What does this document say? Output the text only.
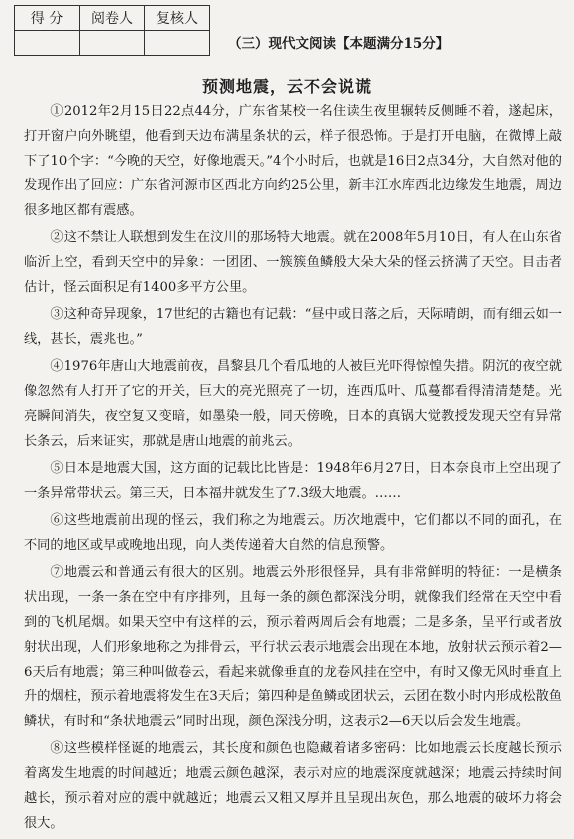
得 分	阅卷人	复核人

（三）现代文阅读【本题满分15分】
预测地震，云不会说谎

①2012年2月15日22点44分，广东省某校一名住读生夜里辗转反侧睡不着，遂起床，打开窗户向外眺望，他看到天边布满星条状的云，样子很恐怖。于是打开电脑，在微博上敲下了10个字：“今晚的天空，好像地震天。”4个小时后，也就是16日2点34分，大自然对他的发现作出了回应：广东省河源市区西北方向约25公里，新丰江水库西北边缘发生地震，周边很多地区都有震感。

②这不禁让人联想到发生在汶川的那场特大地震。就在2008年5月10日，有人在山东省临沂上空，看到天空中的异象：一团团、一簇簇鱼鳞般大朵大朵的怪云挤满了天空。目击者估计，怪云面积足有1400多平方公里。

③这种奇异现象，17世纪的古籍也有记载：“昼中或日落之后，天际晴朗，而有细云如一线，甚长，震兆也。”

④1976年唐山大地震前夜，昌黎县几个看瓜地的人被巨光吓得惊惶失措。阴沉的夜空就像忽然有人打开了它的开关，巨大的亮光照亮了一切，连西瓜叶、瓜蔓都看得清清楚楚。光亮瞬间消失，夜空复又变暗，如墨染一般，同天傍晚，日本的真锅大觉教授发现天空有异常长条云，后来证实，那就是唐山地震的前兆云。

⑤日本是地震大国，这方面的记载比比皆是：1948年6月27日，日本奈良市上空出现了一条异常带状云。第三天，日本福井就发生了7.3级大地震。……

⑥这些地震前出现的怪云，我们称之为地震云。历次地震中，它们都以不同的面孔，在不同的地区或早或晚地出现，向人类传递着大自然的信息预警。

⑦地震云和普通云有很大的区别。地震云外形很怪异，具有非常鲜明的特征：一是横条状出现，一条一条在空中有序排列，且每一条的颜色都深浅分明，就像我们经常在天空中看到的飞机尾烟。如果天空中有这样的云，预示着两周后会有地震；二是多条，呈平行或者放射状出现，人们形象地称之为排骨云，平行状云表示地震会出现在本地，放射状云预示着2—6天后有地震；第三种叫做卷云，看起来就像垂直的龙卷风挂在空中，有时又像无风时垂直上升的烟柱，预示着地震将发生在3天后；第四种是鱼鳞或团状云，云团在数小时内形成松散鱼鳞状，有时和“条状地震云”同时出现，颜色深浅分明，这表示2—6天以后会发生地震。

⑧这些模样怪诞的地震云，其长度和颜色也隐藏着诸多密码：比如地震云长度越长预示着离发生地震的时间越近；地震云颜色越深，表示对应的地震深度就越深；地震云持续时间越长，预示着对应的震中就越近；地震云又粗又厚并且呈现出灰色，那么地震的破坏力将会很大。
